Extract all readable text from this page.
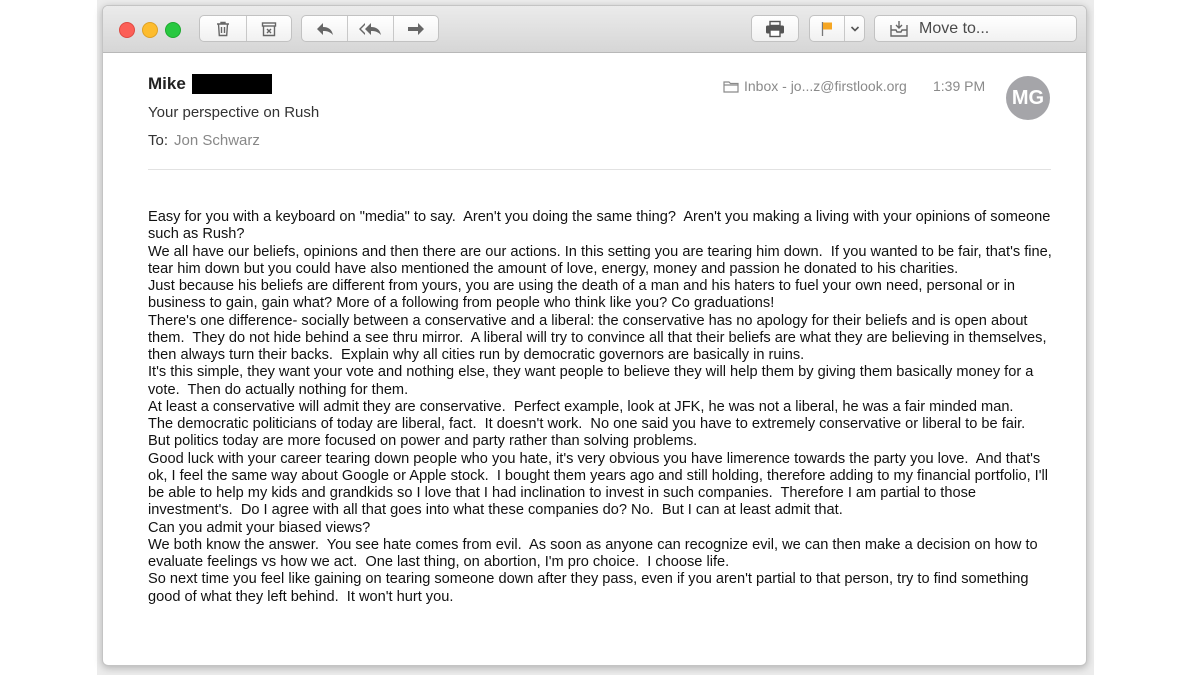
Move to...
Mike
Your perspective on Rush
To: Jon Schwarz
Inbox - jo...z@firstlook.org 1:39 PM
MG

Easy for you with a keyboard on "media" to say.  Aren't you doing the same thing?  Aren't you making a living with your opinions of someone such as Rush?

We all have our beliefs, opinions and then there are our actions. In this setting you are tearing him down.  If you wanted to be fair, that's fine, tear him down but you could have also mentioned the amount of love, energy, money and passion he donated to his charities.

Just because his beliefs are different from yours, you are using the death of a man and his haters to fuel your own need, personal or in business to gain, gain what? More of a following from people who think like you? Co graduations!

There's one difference- socially between a conservative and a liberal: the conservative has no apology for their beliefs and is open about them.  They do not hide behind a see thru mirror.  A liberal will try to convince all that their beliefs are what they are believing in themselves, then always turn their backs.  Explain why all cities run by democratic governors are basically in ruins.

It's this simple, they want your vote and nothing else, they want people to believe they will help them by giving them basically money for a vote.  Then do actually nothing for them.

At least a conservative will admit they are conservative.  Perfect example, look at JFK, he was not a liberal, he was a fair minded man.

The democratic politicians of today are liberal, fact.  It doesn't work.  No one said you have to extremely conservative or liberal to be fair.

But politics today are more focused on power and party rather than solving problems.

Good luck with your career tearing down people who you hate, it's very obvious you have limerence towards the party you love.  And that's ok, I feel the same way about Google or Apple stock.  I bought them years ago and still holding, therefore adding to my financial portfolio, I'll be able to help my kids and grandkids so I love that I had inclination to invest in such companies.  Therefore I am partial to those investment's.  Do I agree with all that goes into what these companies do? No.  But I can at least admit that.

Can you admit your biased views?

We both know the answer.  You see hate comes from evil.  As soon as anyone can recognize evil, we can then make a decision on how to evaluate feelings vs how we act.  One last thing, on abortion, I'm pro choice.  I choose life.

So next time you feel like gaining on tearing someone down after they pass, even if you aren't partial to that person, try to find something good of what they left behind.  It won't hurt you.
